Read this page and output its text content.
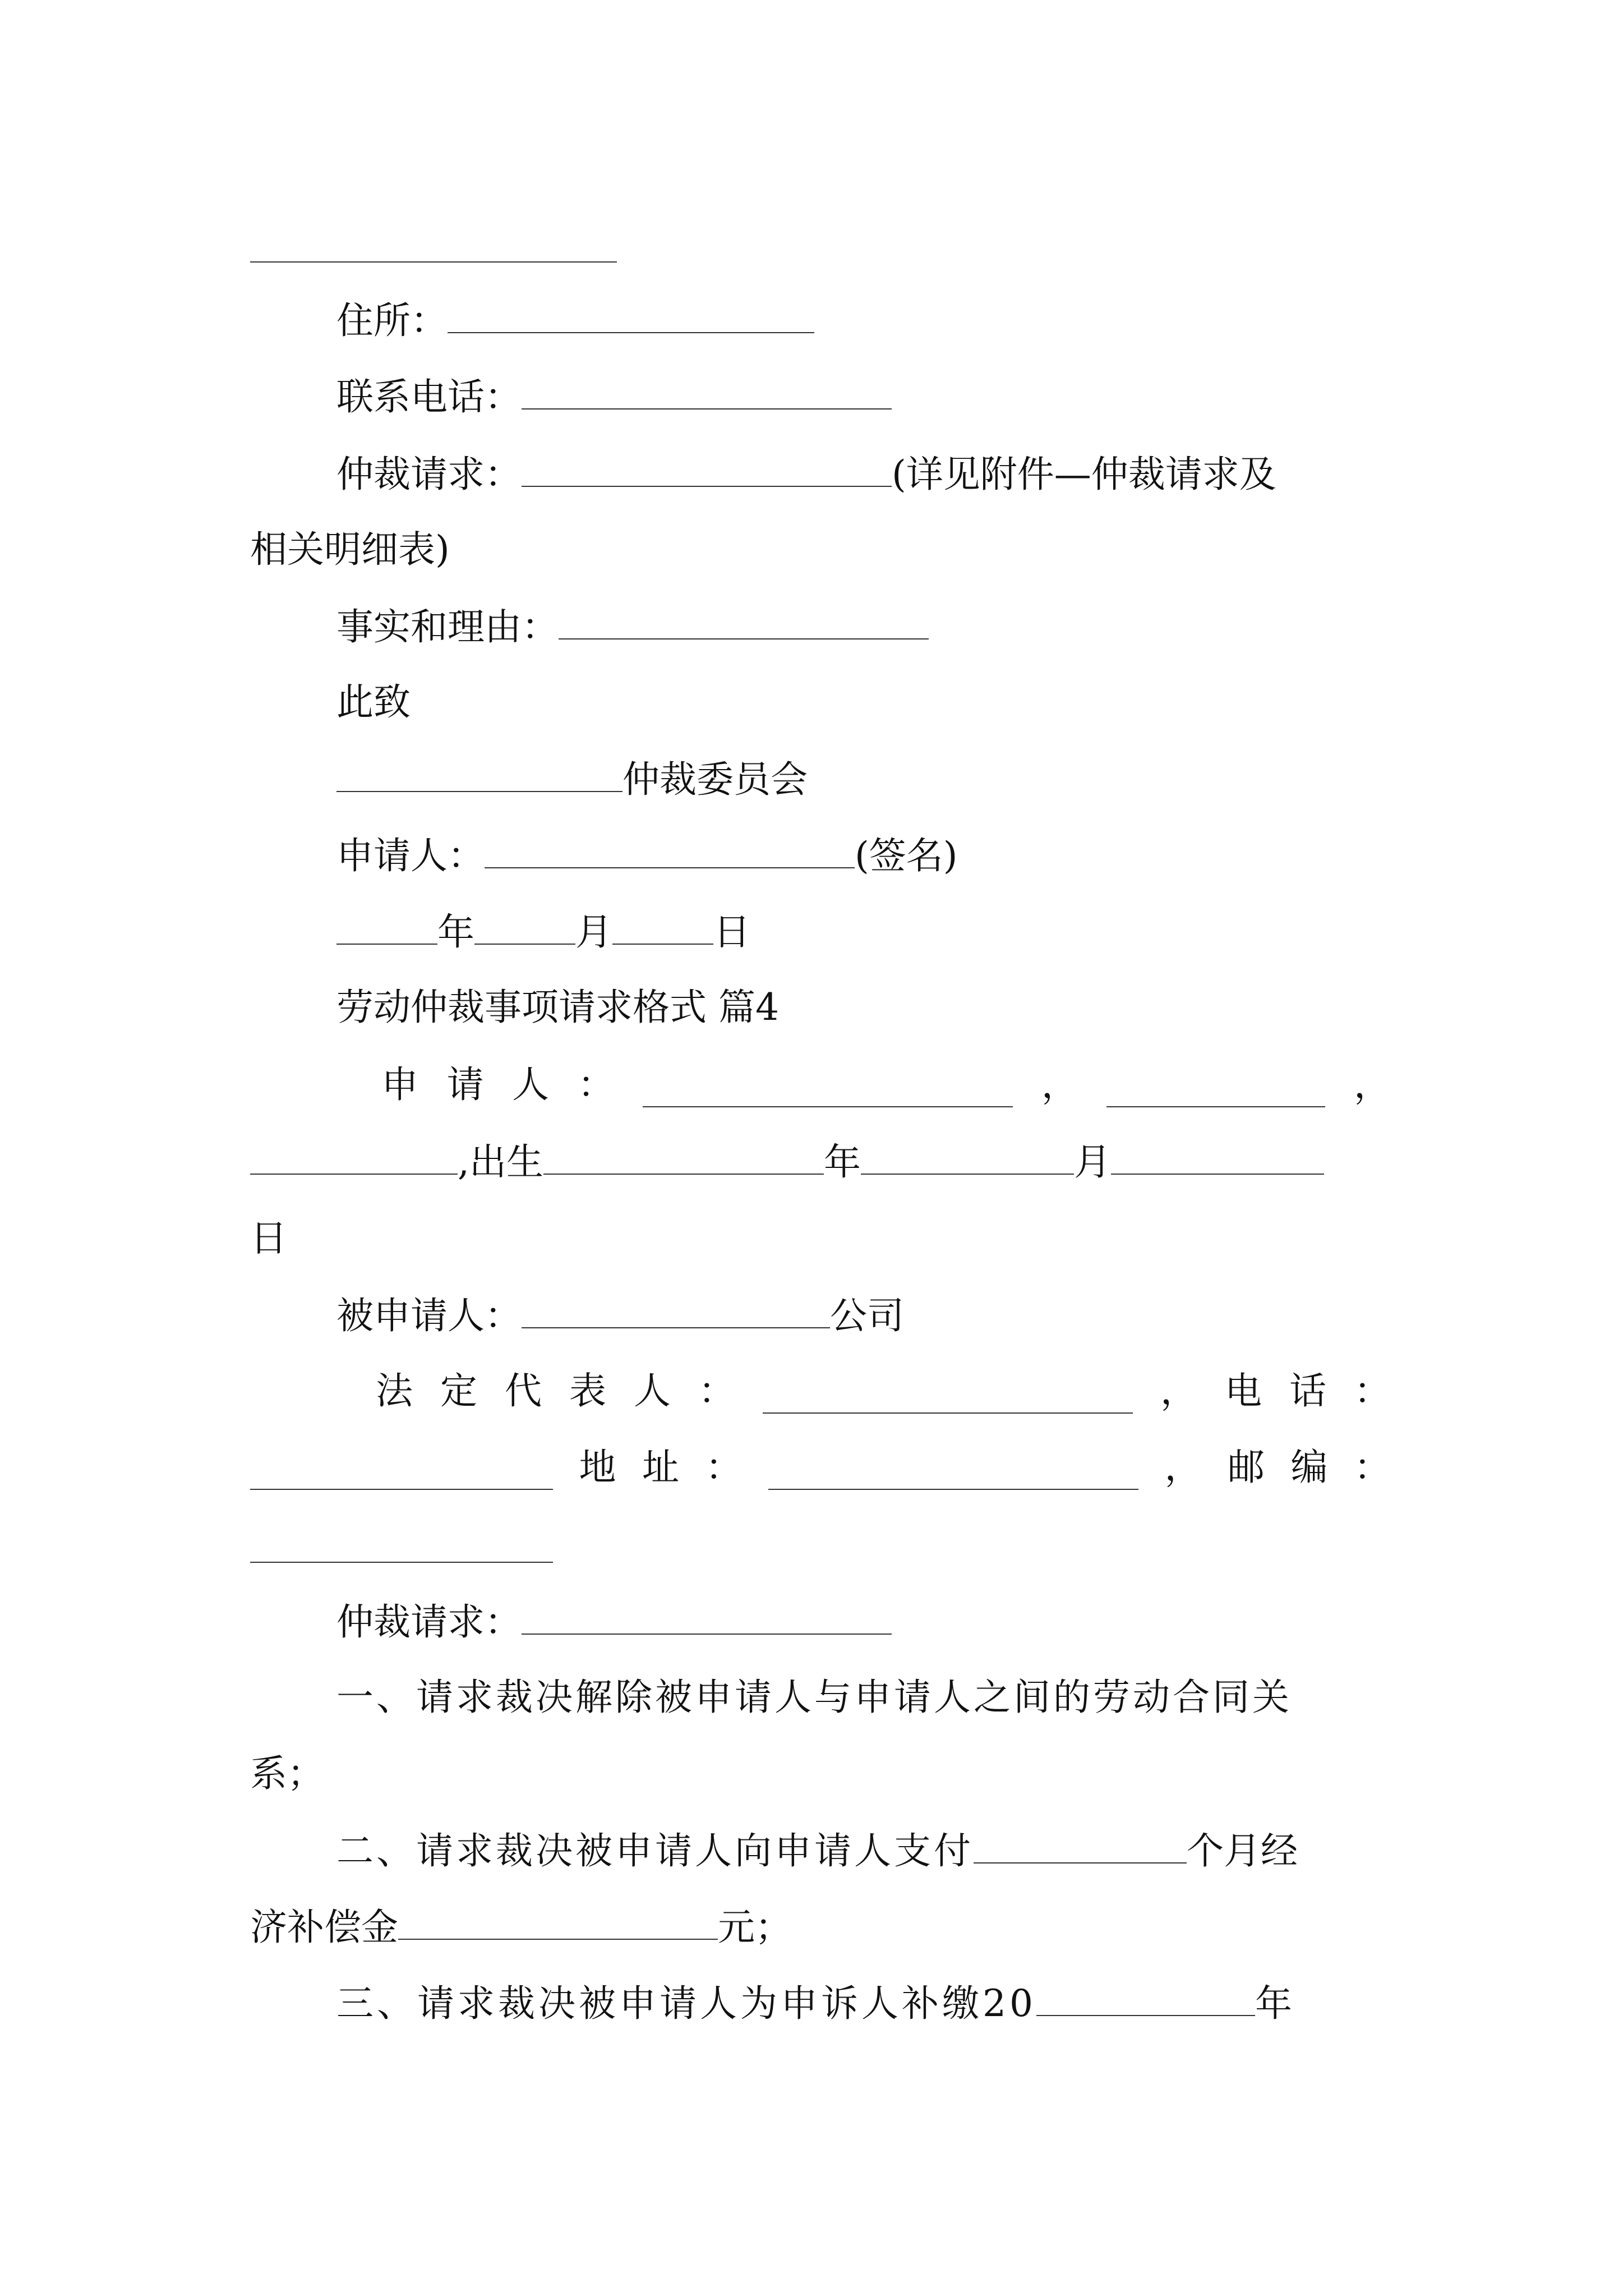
住所：
联系电话：
仲裁请求：	(详见附件—仲裁请求及
相关明细表)
事实和理由：
此致
仲裁委员会
申请人：	(签名)
年	月	日
劳动仲裁事项请求格式 篇4
申 请 人 ：	，	，
,出生	年	月
日
被申请人：	公司
法 定 代 表 人 ：	， 电 话 ：
地 址 ：	， 邮 编 ：
仲裁请求：
一、请求裁决解除被申请人与申请人之间的劳动合同关
系；
二、请求裁决被申请人向申请人支付	个月经
济补偿金	元；
三、请求裁决被申请人为申诉人补缴20	年
